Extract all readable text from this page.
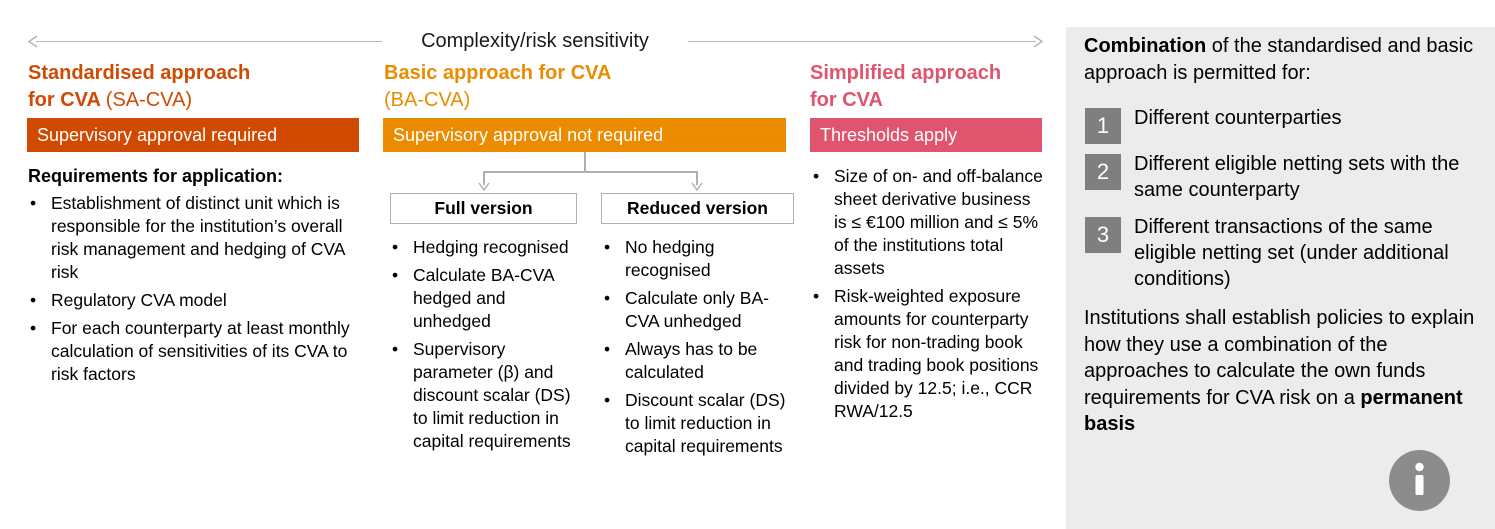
Complexity/risk sensitivity
Standardised approach
for CVA (SA-CVA)
Supervisory approval required
Requirements for application:
• Establishment of distinct unit which is responsible for the institution’s overall risk management and hedging of CVA risk
• Regulatory CVA model
• For each counterparty at least monthly calculation of sensitivities of its CVA to risk factors
Basic approach for CVA
(BA-CVA)
Supervisory approval not required
Full version	Reduced version
• Hedging recognised
• Calculate BA-CVA hedged and unhedged
• Supervisory parameter (β) and discount scalar (DS) to limit reduction in capital requirements
• No hedging recognised
• Calculate only BA-CVA unhedged
• Always has to be calculated
• Discount scalar (DS) to limit reduction in capital requirements
Simplified approach
for CVA
Thresholds apply
• Size of on- and off-balance sheet derivative business is ≤ €100 million and ≤ 5% of the institutions total assets
• Risk-weighted exposure amounts for counterparty risk for non-trading book and trading book positions divided by 12.5; i.e., CCR RWA/12.5
Combination of the standardised and basic approach is permitted for:
1	Different counterparties
2	Different eligible netting sets with the same counterparty
3	Different transactions of the same eligible netting set (under additional conditions)
Institutions shall establish policies to explain how they use a combination of the approaches to calculate the own funds requirements for CVA risk on a permanent basis
